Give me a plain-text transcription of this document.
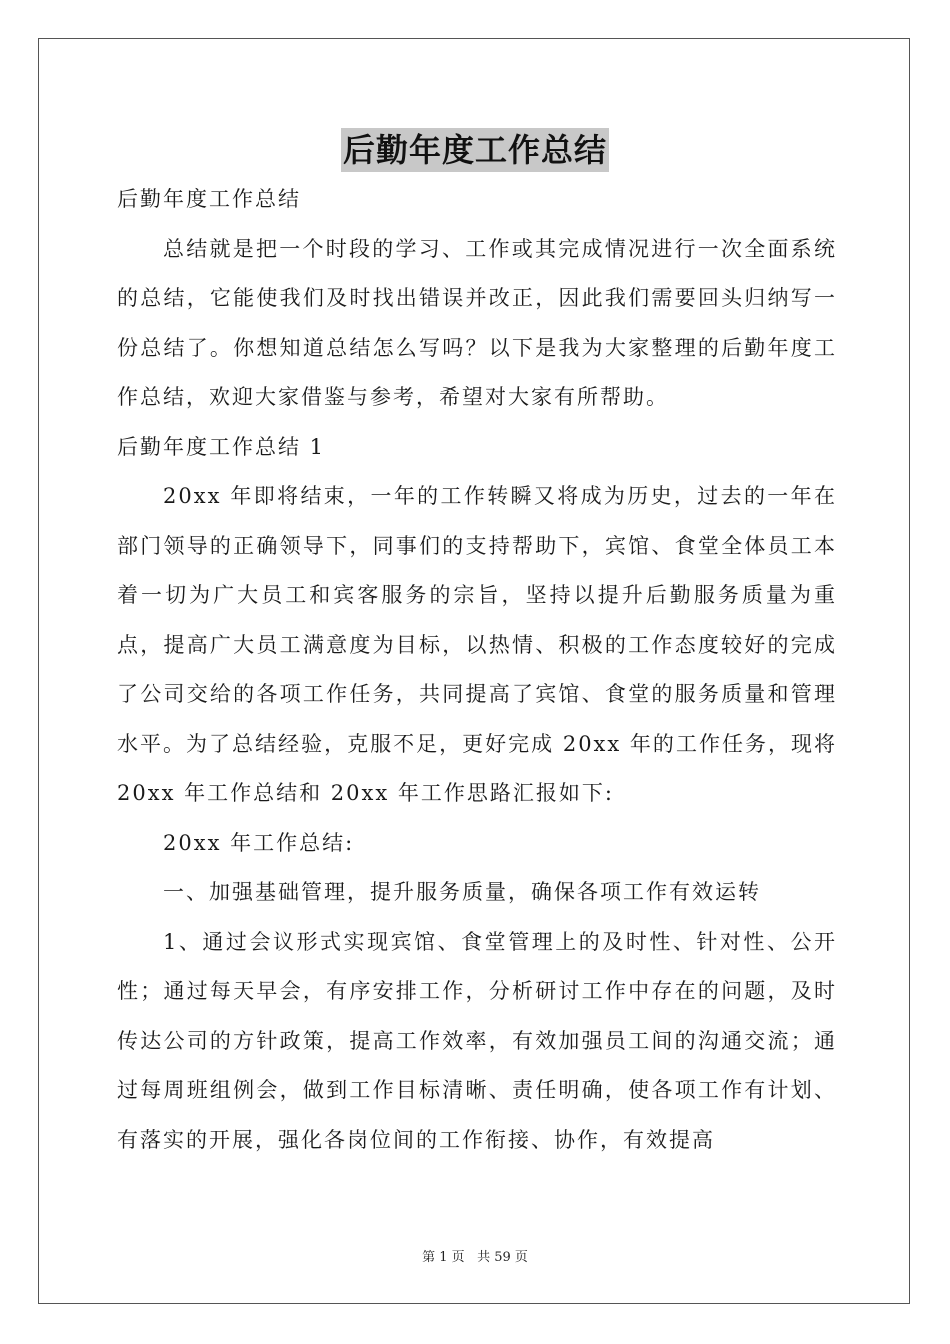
后勤年度工作总结

后勤年度工作总结

总结就是把一个时段的学习、工作或其完成情况进行一次全面系统的总结，它能使我们及时找出错误并改正，因此我们需要回头归纳写一份总结了。你想知道总结怎么写吗？以下是我为大家整理的后勤年度工作总结，欢迎大家借鉴与参考，希望对大家有所帮助。

后勤年度工作总结 1

20xx 年即将结束，一年的工作转瞬又将成为历史，过去的一年在部门领导的正确领导下，同事们的支持帮助下，宾馆、食堂全体员工本着一切为广大员工和宾客服务的宗旨，坚持以提升后勤服务质量为重点，提高广大员工满意度为目标，以热情、积极的工作态度较好的完成了公司交给的各项工作任务，共同提高了宾馆、食堂的服务质量和管理水平。为了总结经验，克服不足，更好完成 20xx 年的工作任务，现将 20xx 年工作总结和 20xx 年工作思路汇报如下:

20xx 年工作总结:

一、加强基础管理，提升服务质量，确保各项工作有效运转

1、通过会议形式实现宾馆、食堂管理上的及时性、针对性、公开性；通过每天早会，有序安排工作，分析研讨工作中存在的问题，及时传达公司的方针政策，提高工作效率，有效加强员工间的沟通交流；通过每周班组例会，做到工作目标清晰、责任明确，使各项工作有计划、有落实的开展，强化各岗位间的工作衔接、协作，有效提高

第 1 页 共 59 页
